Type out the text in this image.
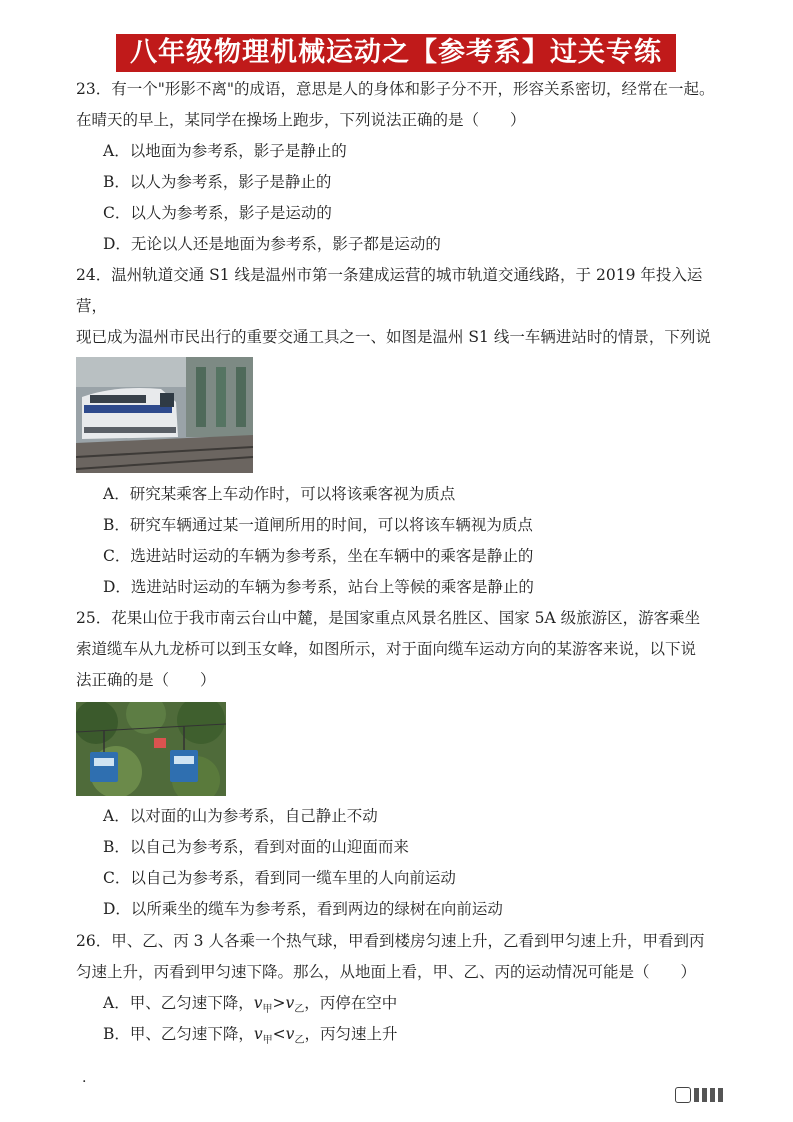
八年级物理机械运动之【参考系】过关专练
23．有一个"形影不离"的成语，意思是人的身体和影子分不开，形容关系密切，经常在一起。
在晴天的早上，某同学在操场上跑步，下列说法正确的是（　　）
A．以地面为参考系，影子是静止的
B．以人为参考系，影子是静止的
C．以人为参考系，影子是运动的
D．无论以人还是地面为参考系，影子都是运动的
24．温州轨道交通 S1 线是温州市第一条建成运营的城市轨道交通线路，于 2019 年投入运营，
现已成为温州市民出行的重要交通工具之一、如图是温州 S1 线一车辆进站时的情景，下列说
A．研究某乘客上车动作时，可以将该乘客视为质点
B．研究车辆通过某一道闸所用的时间，可以将该车辆视为质点
C．选进站时运动的车辆为参考系，坐在车辆中的乘客是静止的
D．选进站时运动的车辆为参考系，站台上等候的乘客是静止的
25．花果山位于我市南云台山中麓，是国家重点风景名胜区、国家 5A 级旅游区，游客乘坐
索道缆车从九龙桥可以到玉女峰，如图所示，对于面向缆车运动方向的某游客来说，以下说
法正确的是（　　）
A．以对面的山为参考系，自己静止不动
B．以自己为参考系，看到对面的山迎面而来
C．以自己为参考系，看到同一缆车里的人向前运动
D．以所乘坐的缆车为参考系，看到两边的绿树在向前运动
26．甲、乙、丙 3 人各乘一个热气球，甲看到楼房匀速上升，乙看到甲匀速上升，甲看到丙
匀速上升，丙看到甲匀速下降。那么，从地面上看，甲、乙、丙的运动情况可能是（　　）
A．甲、乙匀速下降，$v_甲>v_乙$，丙停在空中
B．甲、乙匀速下降，$v_甲<v_乙$，丙匀速上升
.
